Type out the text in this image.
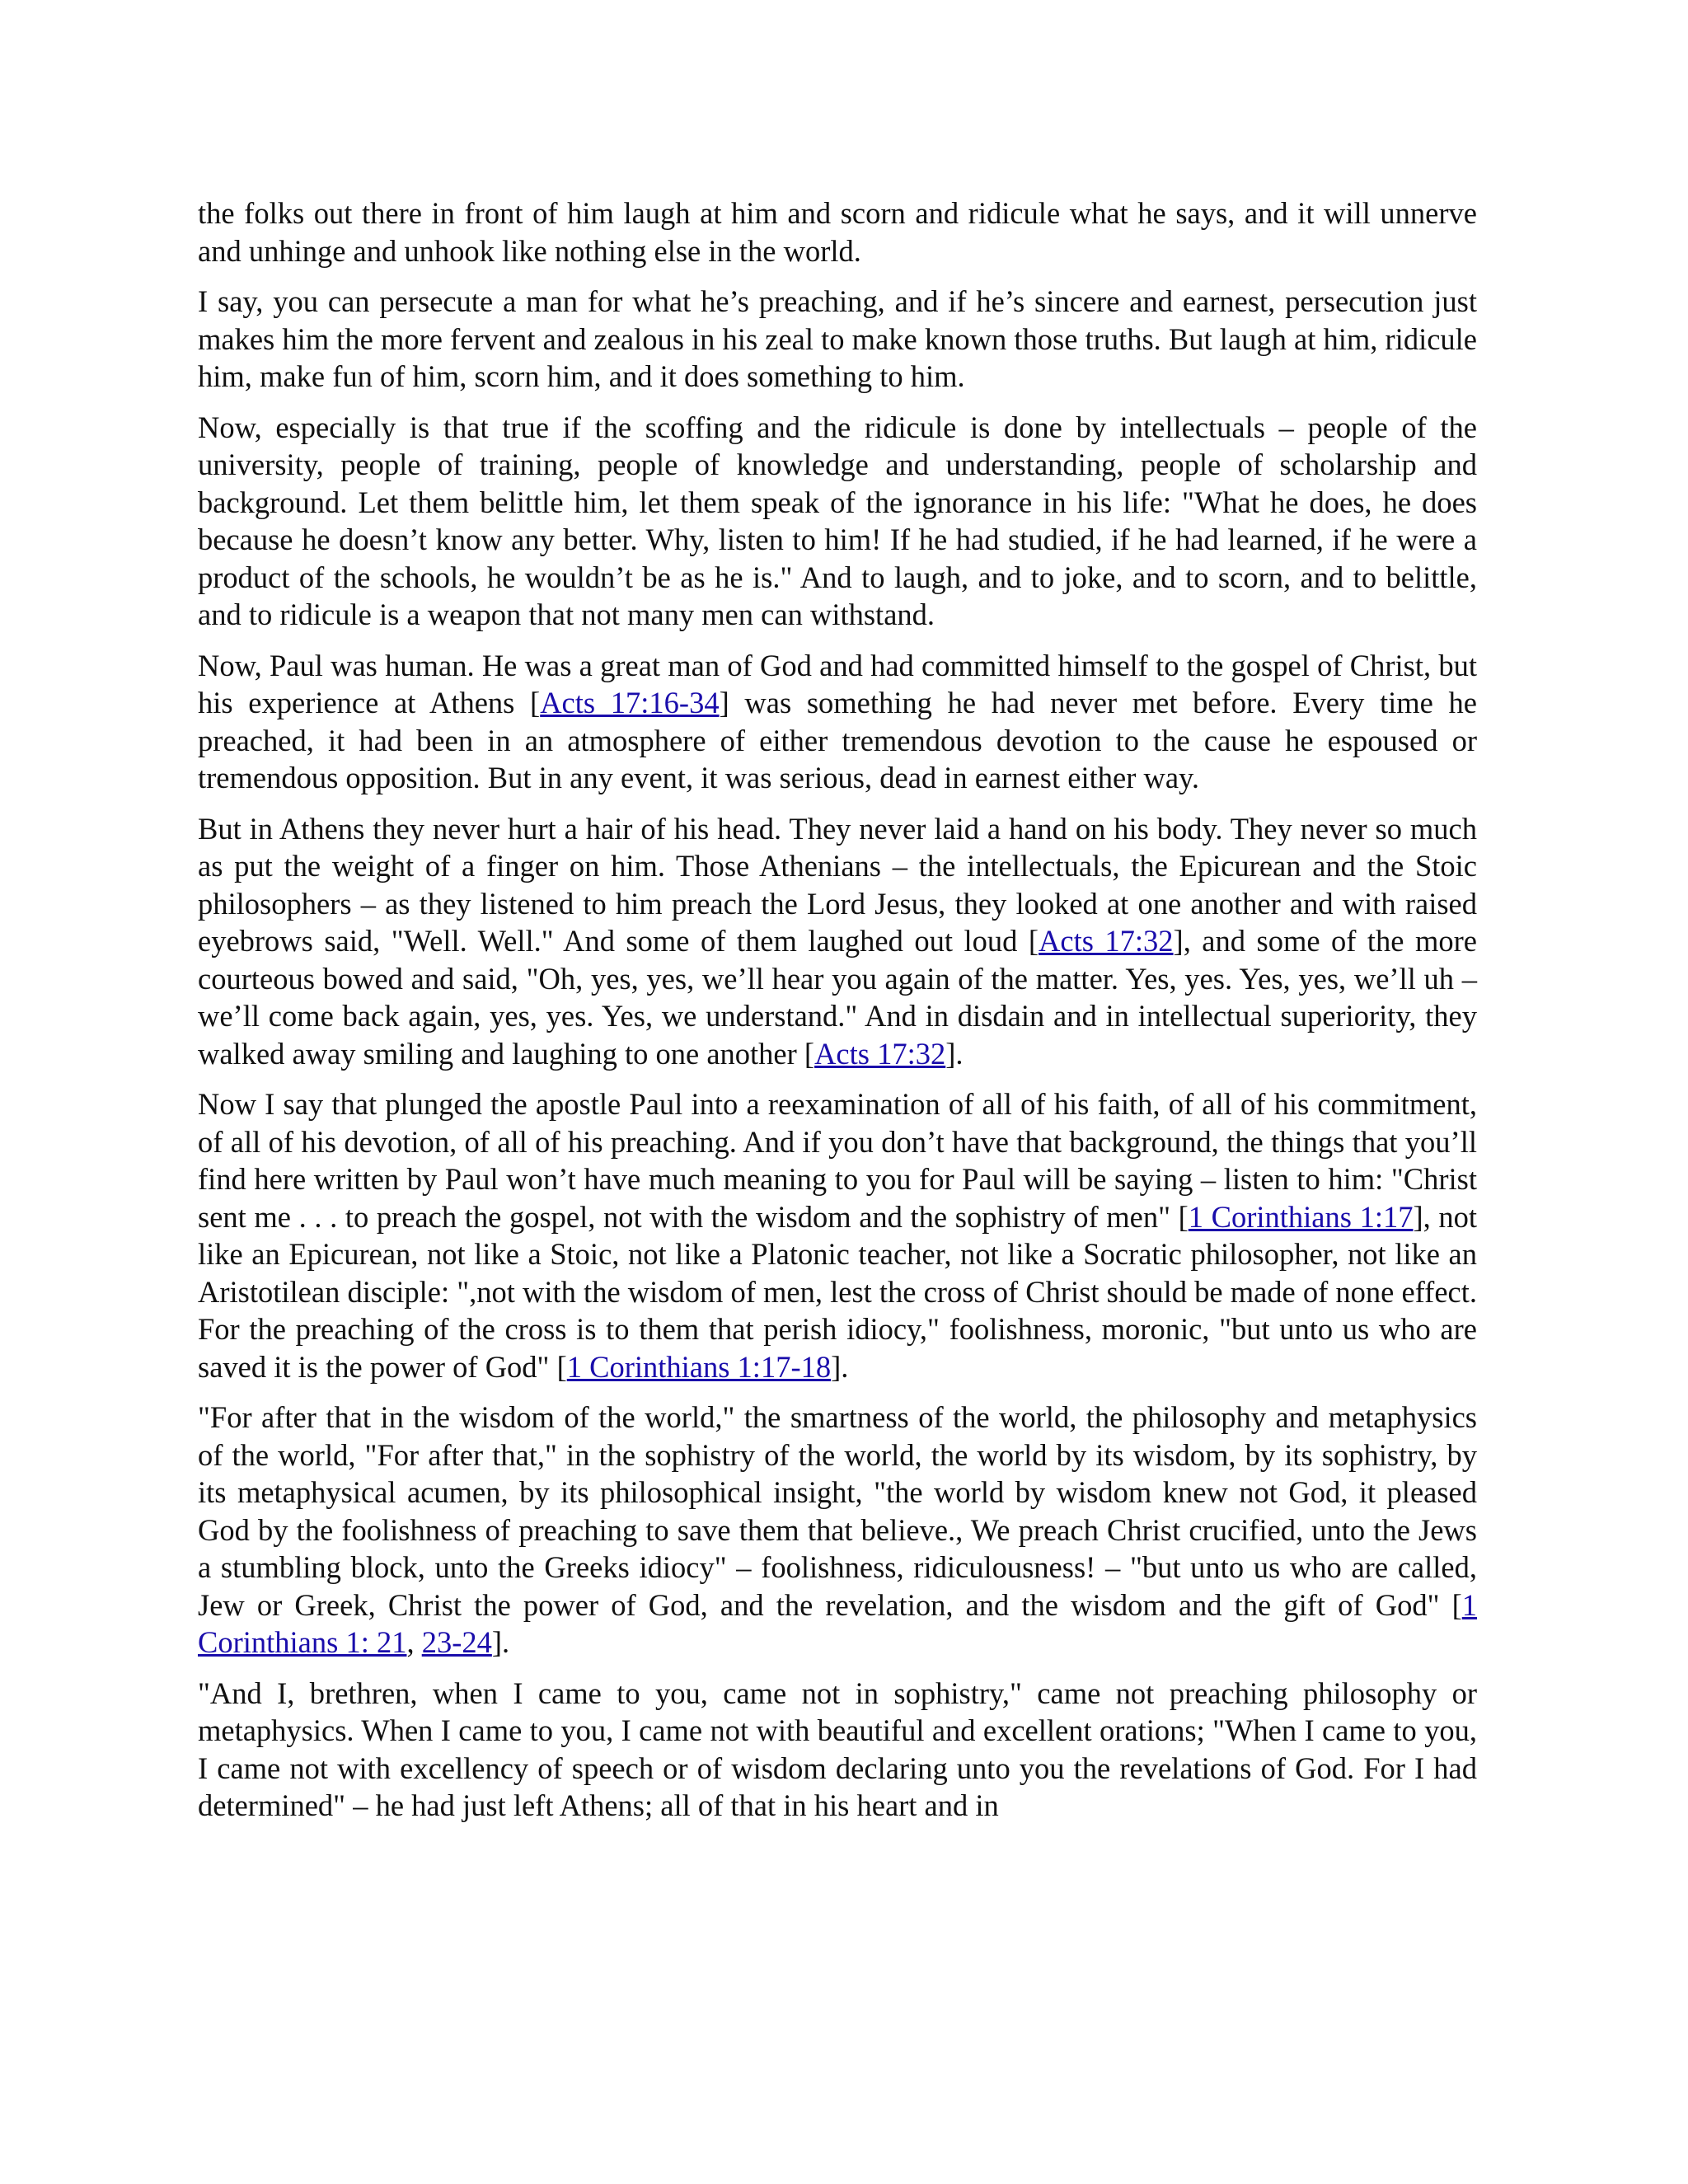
the folks out there in front of him laugh at him and scorn and ridicule what he says, and it will unnerve and unhinge and unhook like nothing else in the world.

I say, you can persecute a man for what he’s preaching, and if he’s sincere and earnest, persecution just makes him the more fervent and zealous in his zeal to make known those truths. But laugh at him, ridicule him, make fun of him, scorn him, and it does something to him.

Now, especially is that true if the scoffing and the ridicule is done by intellectuals – people of the university, people of training, people of knowledge and understanding, people of scholarship and background. Let them belittle him, let them speak of the ignorance in his life: "What he does, he does because he doesn’t know any better. Why, listen to him! If he had studied, if he had learned, if he were a product of the schools, he wouldn’t be as he is." And to laugh, and to joke, and to scorn, and to belittle, and to ridicule is a weapon that not many men can withstand.

Now, Paul was human. He was a great man of God and had committed himself to the gospel of Christ, but his experience at Athens [Acts 17:16-34] was something he had never met before. Every time he preached, it had been in an atmosphere of either tremendous devotion to the cause he espoused or tremendous opposition. But in any event, it was serious, dead in earnest either way.

But in Athens they never hurt a hair of his head. They never laid a hand on his body. They never so much as put the weight of a finger on him. Those Athenians – the intellectuals, the Epicurean and the Stoic philosophers – as they listened to him preach the Lord Jesus, they looked at one another and with raised eyebrows said, "Well. Well." And some of them laughed out loud [Acts 17:32], and some of the more courteous bowed and said, "Oh, yes, yes, we’ll hear you again of the matter. Yes, yes. Yes, yes, we’ll uh – we’ll come back again, yes, yes. Yes, we understand." And in disdain and in intellectual superiority, they walked away smiling and laughing to one another [Acts 17:32].

Now I say that plunged the apostle Paul into a reexamination of all of his faith, of all of his commitment, of all of his devotion, of all of his preaching. And if you don’t have that background, the things that you’ll find here written by Paul won’t have much meaning to you for Paul will be saying – listen to him: "Christ sent me . . . to preach the gospel, not with the wisdom and the sophistry of men" [1 Corinthians 1:17], not like an Epicurean, not like a Stoic, not like a Platonic teacher, not like a Socratic philosopher, not like an Aristotilean disciple: ",not with the wisdom of men, lest the cross of Christ should be made of none effect. For the preaching of the cross is to them that perish idiocy," foolishness, moronic, "but unto us who are saved it is the power of God" [1 Corinthians 1:17-18].

"For after that in the wisdom of the world," the smartness of the world, the philosophy and metaphysics of the world, "For after that," in the sophistry of the world, the world by its wisdom, by its sophistry, by its metaphysical acumen, by its philosophical insight, "the world by wisdom knew not God, it pleased God by the foolishness of preaching to save them that believe., We preach Christ crucified, unto the Jews a stumbling block, unto the Greeks idiocy" – foolishness, ridiculousness! – "but unto us who are called, Jew or Greek, Christ the power of God, and the revelation, and the wisdom and the gift of God" [1 Corinthians 1: 21, 23-24].

"And I, brethren, when I came to you, came not in sophistry," came not preaching philosophy or metaphysics. When I came to you, I came not with beautiful and excellent orations; "When I came to you, I came not with excellency of speech or of wisdom declaring unto you the revelations of God. For I had determined" – he had just left Athens; all of that in his heart and in
